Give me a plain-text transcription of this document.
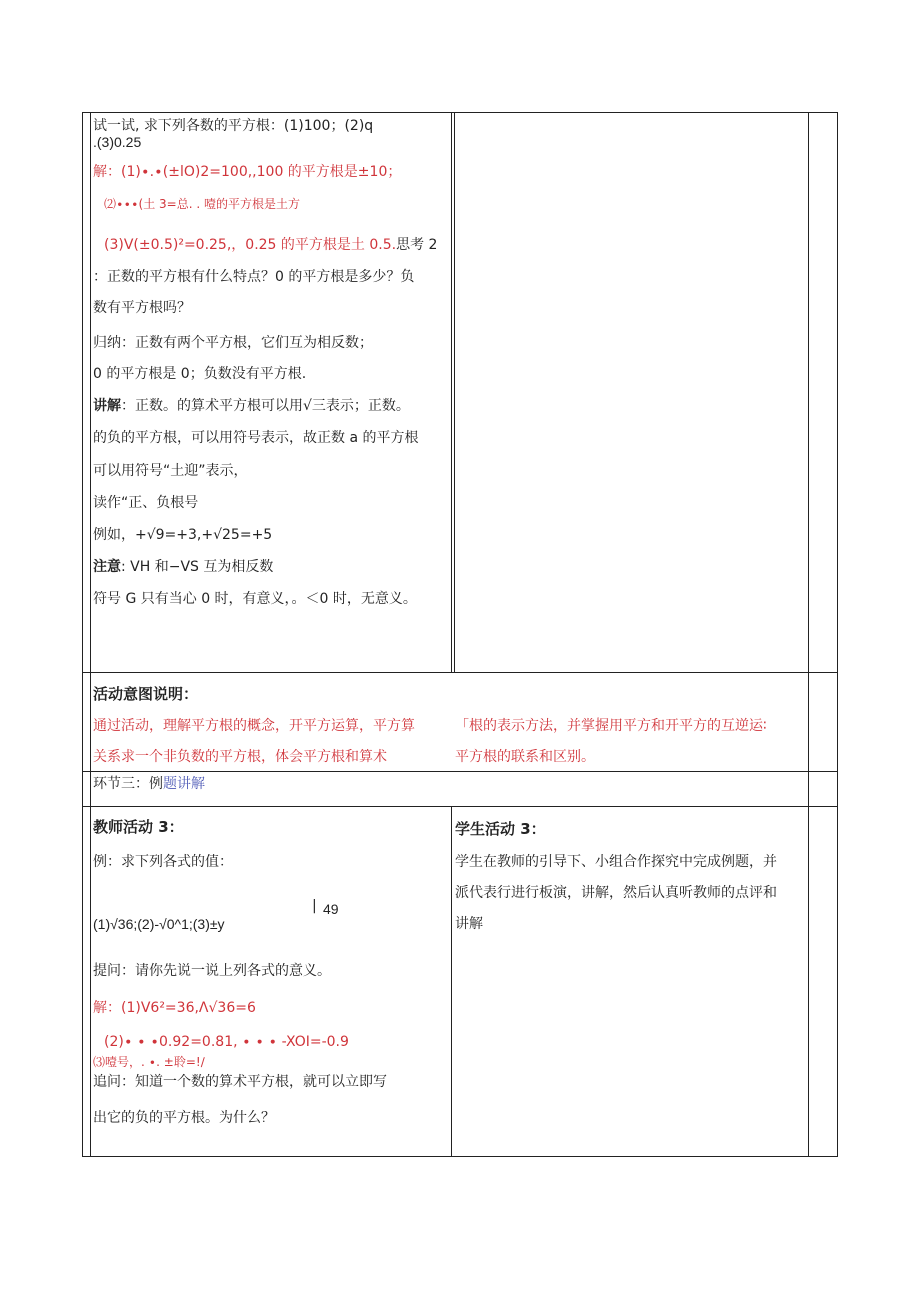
试一试, 求下列各数的平方根：(1)100；(2)q
.(3)0.25
解：(1)∙.∙(±lO)2=100,,100 的平方根是±10；
⑵∙∙∙(土 3=总. . 噎的平方根是土方
(3)V(±0.5)²=0.25,，0.25 的平方根是土 0.5.思考 2
：正数的平方根有什么特点？0 的平方根是多少？负
数有平方根吗？
归纳：正数有两个平方根，它们互为相反数；
0 的平方根是 0；负数没有平方根.
讲解：正数。的算术平方根可以用√三表示；正数。
的负的平方根，可以用符号表示，故正数 a 的平方根
可以用符号“土迎”表示，
读作“正、负根号
例如，+√9=+3,+√25=+5
注意: VH 和−VS 互为相反数
符号 G 只有当心 0 时，有意义，。＜0 时，无意义。
活动意图说明：
通过活动，理解平方根的概念，开平方运算，平方算	「根的表示方法，并掌握用平方和开平方的互逆运∶
关系求一个非负数的平方根，体会平方根和算术	平方根的联系和区别。
环节三：例题讲解
教师活动 3：
例：求下列各式的值：
| 49
(1)√36;(2)-√0^1;(3)±y
提问：请你先说一说上列各式的意义。
解：(1)V6²=36,Λ√36=6
(2)∙ ∙ ∙0.92=0.81, ∙ ∙ ∙ -XOI=-0.9
⑶噎号，. ∙. ±聆=!∕
追问：知道一个数的算术平方根，就可以立即写
出它的负的平方根。为什么？
学生活动 3：
学生在教师的引导下、小组合作探究中完成例题，并
派代表行进行板演，讲解，然后认真听教师的点评和
讲解
